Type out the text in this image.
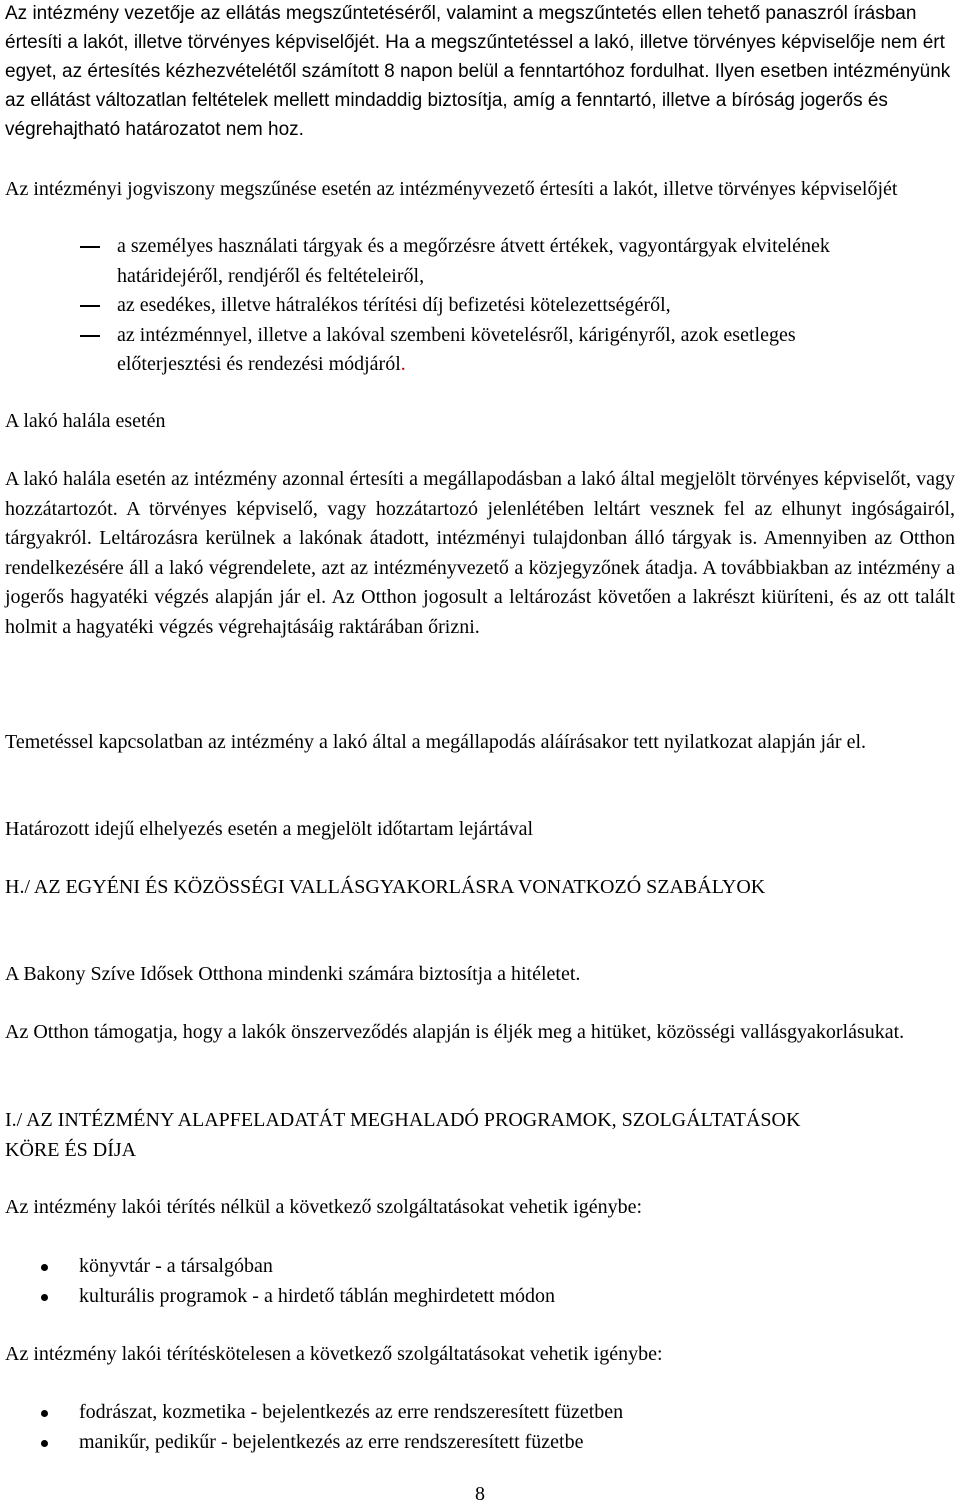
Az intézmény vezetője az ellátás megszűntetéséről, valamint a megszűntetés ellen tehető panaszról írásban értesíti a lakót, illetve törvényes képviselőjét. Ha a megszűntetéssel a lakó, illetve törvényes képviselője nem ért egyet, az értesítés kézhezvételétől számított 8 napon belül a fenntartóhoz fordulhat. Ilyen esetben intézményünk az ellátást változatlan feltételek mellett mindaddig biztosítja, amíg a fenntartó, illetve a bíróság jogerős és végrehajtható határozatot nem hoz.

Az intézményi jogviszony megszűnése esetén az intézményvezető értesíti a lakót, illetve törvényes képviselőjét

a személyes használati tárgyak és a megőrzésre átvett értékek, vagyontárgyak elvitelének határidejéről, rendjéről és feltételeiről,
az esedékes, illetve hátralékos térítési díj befizetési kötelezettségéről,
az intézménnyel, illetve a lakóval szembeni követelésről, kárigényről, azok esetleges előterjesztési és rendezési módjáról.

A lakó halála esetén

A lakó halála esetén az intézmény azonnal értesíti a megállapodásban a lakó által megjelölt törvényes képviselőt, vagy hozzátartozót. A törvényes képviselő, vagy hozzátartozó jelenlétében leltárt vesznek fel az elhunyt ingóságairól, tárgyakról. Leltározásra kerülnek a lakónak átadott, intézményi tulajdonban álló tárgyak is. Amennyiben az Otthon rendelkezésére áll a lakó végrendelete, azt az intézményvezető a közjegyzőnek átadja. A továbbiakban az intézmény a jogerős hagyatéki végzés alapján jár el. Az Otthon jogosult a leltározást követően a lakrészt kiüríteni, és az ott talált holmit a hagyatéki végzés végrehajtásáig raktárában őrizni.

Temetéssel kapcsolatban az intézmény a lakó által a megállapodás aláírásakor tett nyilatkozat alapján jár el.

Határozott idejű elhelyezés esetén a megjelölt időtartam lejártával

H./ AZ EGYÉNI ÉS KÖZÖSSÉGI VALLÁSGYAKORLÁSRA VONATKOZÓ SZABÁLYOK

A Bakony Szíve Idősek Otthona mindenki számára biztosítja a hitéletet.

Az Otthon támogatja, hogy a lakók önszerveződés alapján is éljék meg a hitüket, közösségi vallásgyakorlásukat.

I./ AZ INTÉZMÉNY ALAPFELADATÁT MEGHALADÓ PROGRAMOK, SZOLGÁLTATÁSOK KÖRE ÉS DÍJA

Az intézmény lakói térítés nélkül a következő szolgáltatásokat vehetik igénybe:

könyvtár - a társalgóban
kulturális programok - a hirdető táblán meghirdetett módon

Az intézmény lakói térítéskötelesen a következő szolgáltatásokat vehetik igénybe:

fodrászat, kozmetika - bejelentkezés az erre rendszeresített füzetben
manikűr, pedikűr - bejelentkezés az erre rendszeresített füzetbe
8
